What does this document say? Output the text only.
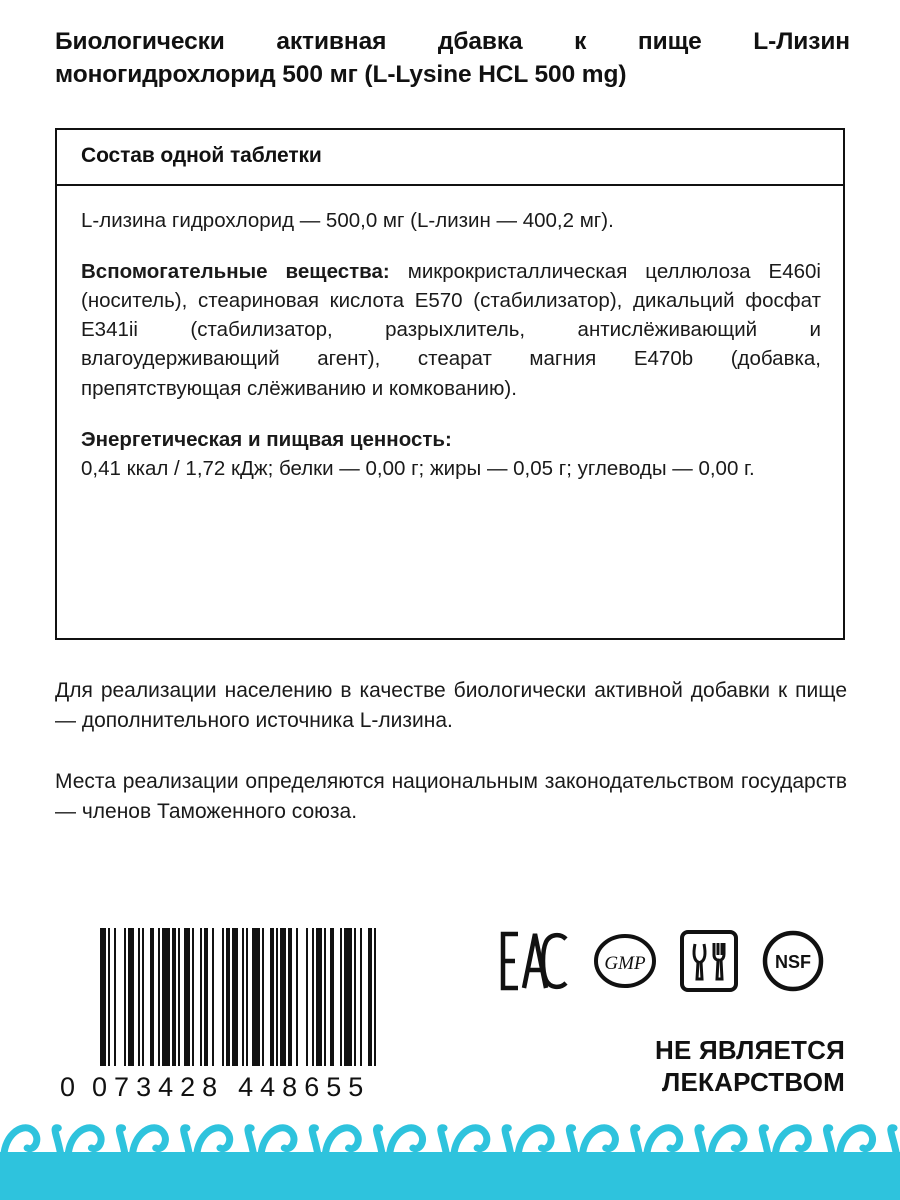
Биологически активная дбавка к пище L-Лизин
моногидрохлорид 500 мг (L-Lysine HCL 500 mg)
Состав одной таблетки

L-лизина гидрохлорид — 500,0 мг (L-лизин — 400,2 мг).

Вспомогательные вещества: микрокристаллическая целлюлоза Е460i (носитель), стеариновая кислота Е570 (стабилизатор), дикальций фосфат Е341ii (стабилизатор, разрыхлитель, антислёживающий и влагоудерживающий агент), стеарат магния Е470b (добавка, препятствующая слёживанию и комкованию).

Энергетическая и пищвая ценность:

0,41 ккал / 1,72 кДж; белки — 0,00 г; жиры — 0,05 г; углеводы — 0,00 г.

Для реализации населению в качестве биологически активной добавки к пище — дополнительного источника L-лизина.

Места реализации определяются национальным законодательством государств — членов Таможенного союза.

0 073428 448655
GMP	NSF
НЕ ЯВЛЯЕТСЯ
ЛЕКАРСТВОМ
